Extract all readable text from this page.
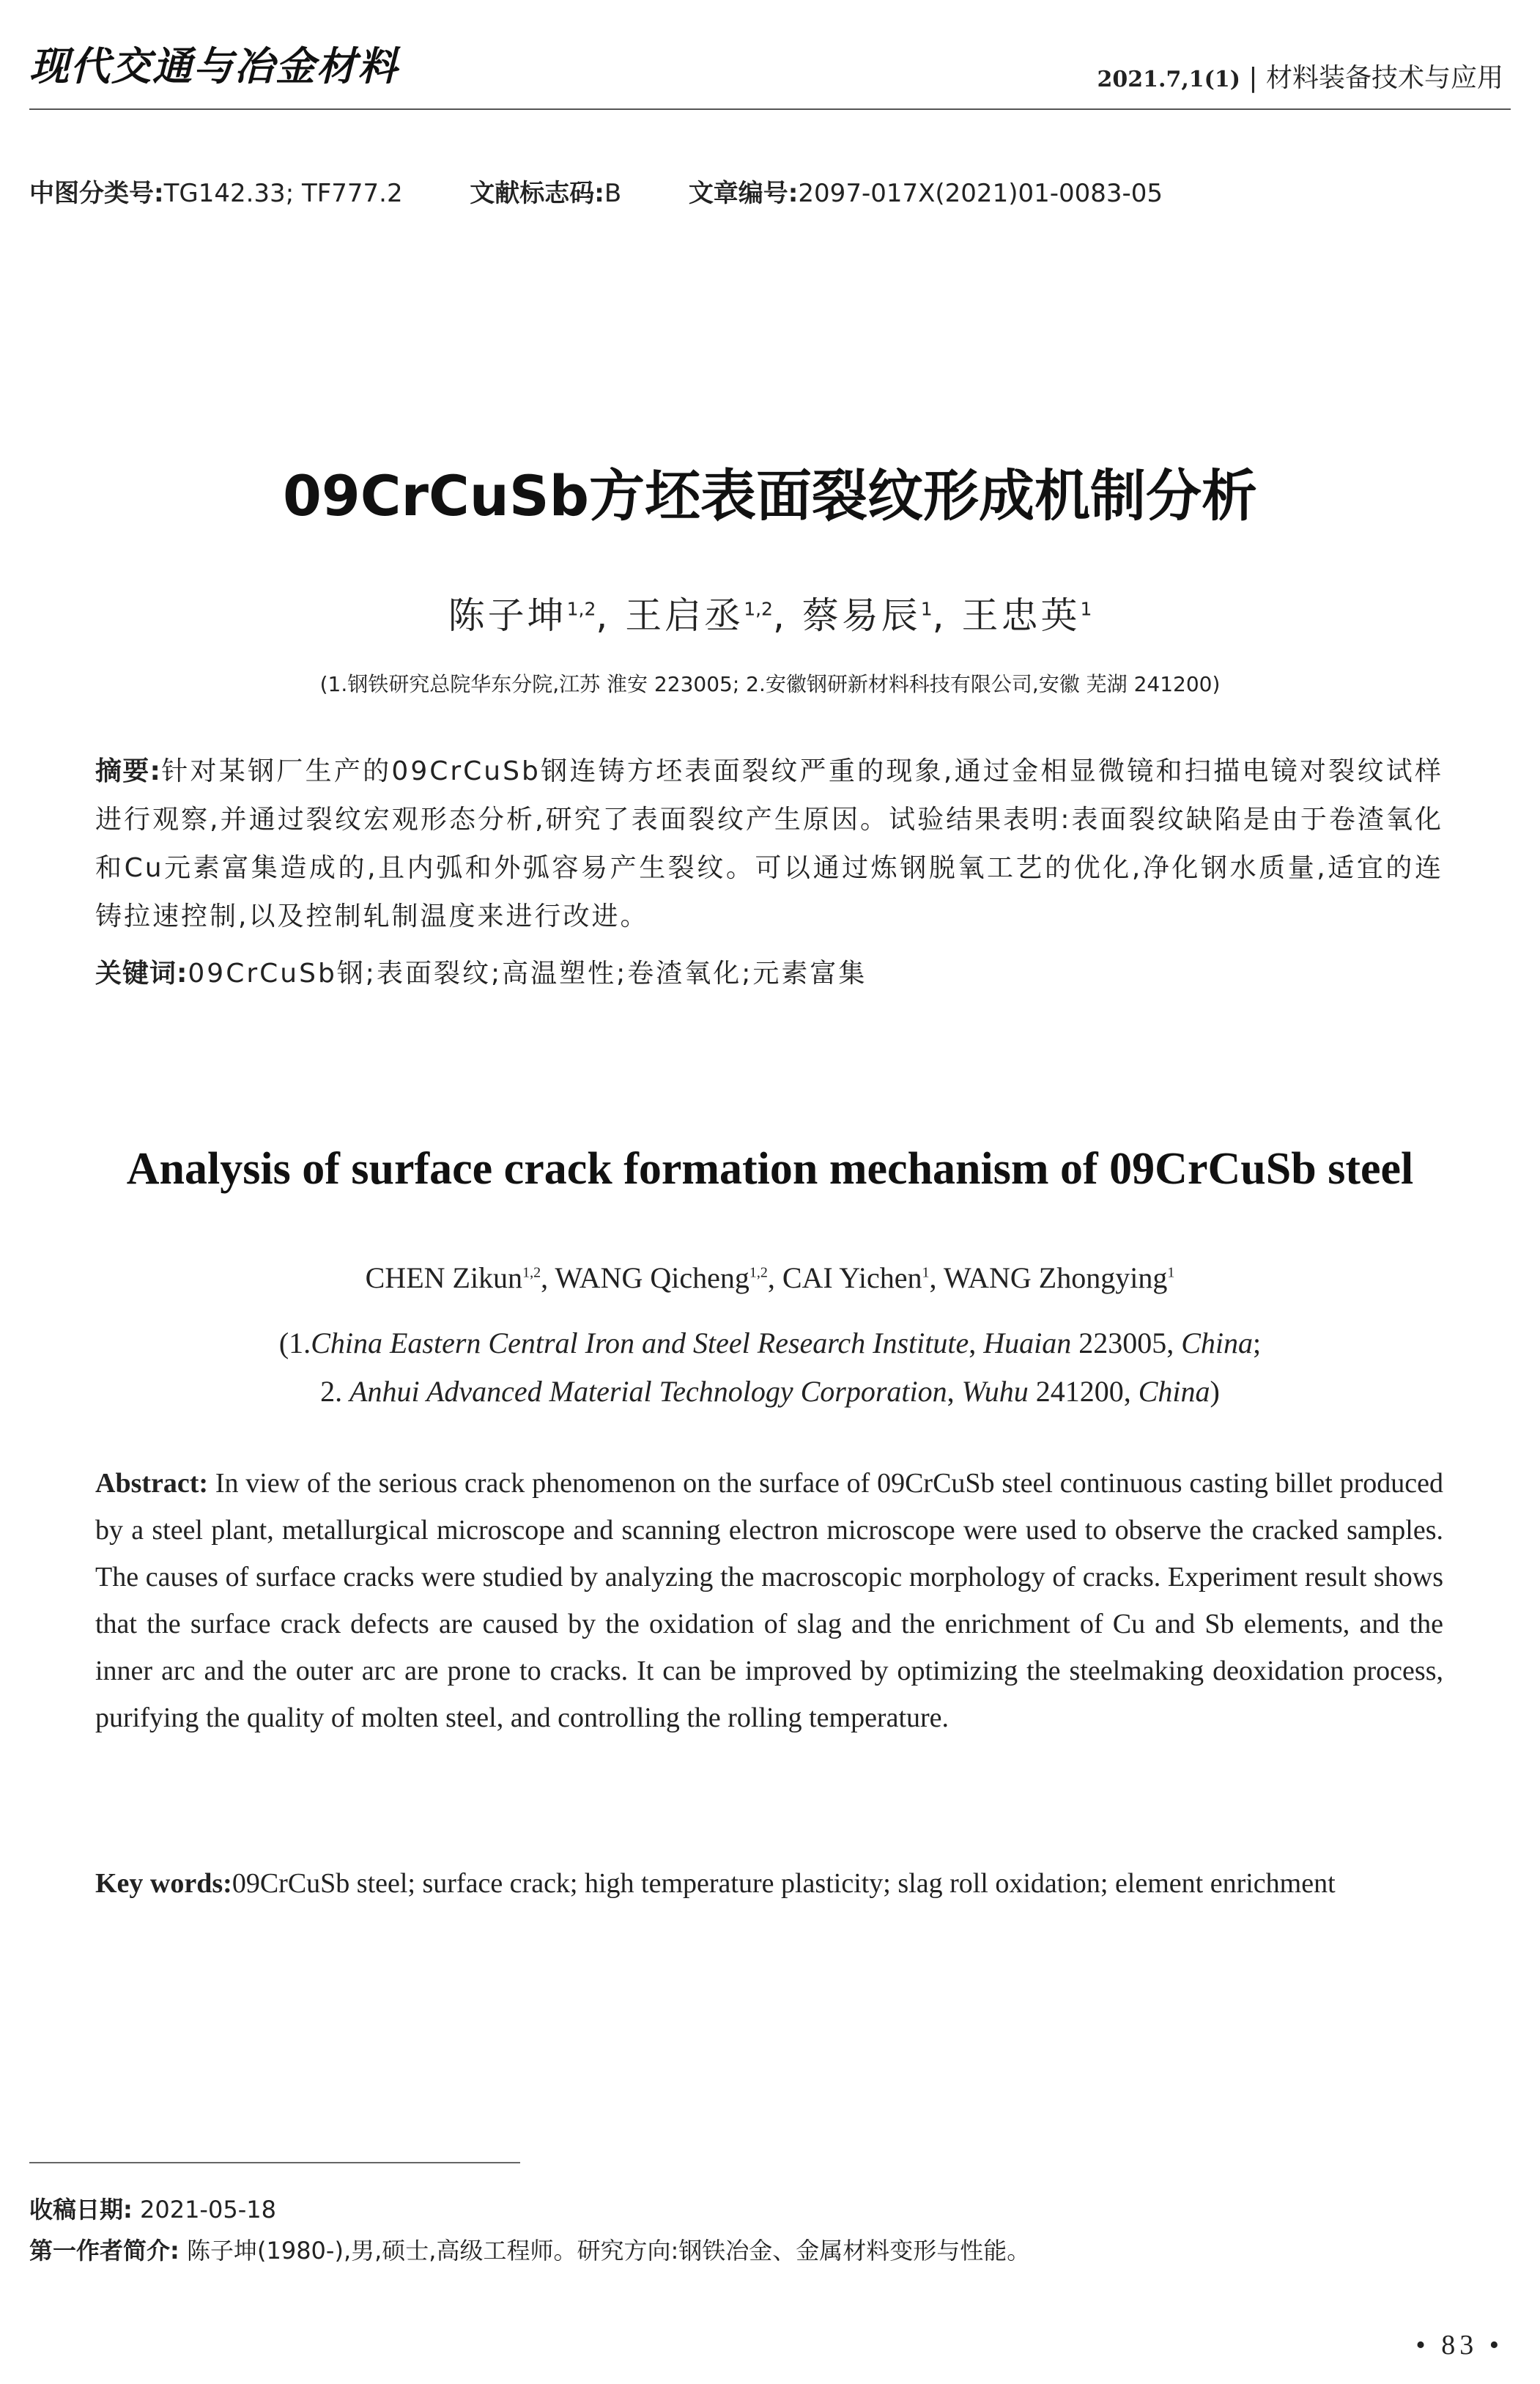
现代交通与冶金材料	2021.7,1(1) | 材料装备技术与应用
中图分类号:TG142.33; TF777.2	文献标志码:B	文章编号:2097-017X(2021)01-0083-05
09CrCuSb方坯表面裂纹形成机制分析
陈子坤$^{1,2}$, 王启丞$^{1,2}$, 蔡易辰$^1$, 王忠英$^1$
(1.钢铁研究总院华东分院,江苏 淮安 223005; 2.安徽钢研新材料科技有限公司,安徽 芜湖 241200)
摘要:针对某钢厂生产的09CrCuSb钢连铸方坯表面裂纹严重的现象,通过金相显微镜和扫描电镜对裂纹试样进行观察,并通过裂纹宏观形态分析,研究了表面裂纹产生原因。试验结果表明:表面裂纹缺陷是由于卷渣氧化和Cu元素富集造成的,且内弧和外弧容易产生裂纹。可以通过炼钢脱氧工艺的优化,净化钢水质量,适宜的连铸拉速控制,以及控制轧制温度来进行改进。
关键词:09CrCuSb钢;表面裂纹;高温塑性;卷渣氧化;元素富集
Analysis of surface crack formation mechanism of 09CrCuSb steel
CHEN Zikun$^{1,2}$, WANG Qicheng$^{1,2}$, CAI Yichen$^1$, WANG Zhongying$^1$
(1.China Eastern Central Iron and Steel Research Institute, Huaian 223005, China;
2. Anhui Advanced Material Technology Corporation, Wuhu 241200, China)
Abstract: In view of the serious crack phenomenon on the surface of 09CrCuSb steel continuous casting billet produced by a steel plant, metallurgical microscope and scanning electron microscope were used to observe the cracked samples. The causes of surface cracks were studied by analyzing the macroscopic morphology of cracks. Experiment result shows that the surface crack defects are caused by the oxidation of slag and the enrichment of Cu and Sb elements, and the inner arc and the outer arc are prone to cracks. It can be improved by optimizing the steelmaking deoxidation process, purifying the quality of molten steel, and controlling the rolling temperature.
Key words: 09CrCuSb steel; surface crack; high temperature plasticity; slag roll oxidation; element enrichment
收稿日期: 2021-05-18
第一作者简介: 陈子坤(1980-),男,硕士,高级工程师。研究方向:钢铁冶金、金属材料变形与性能。
• 83 •
